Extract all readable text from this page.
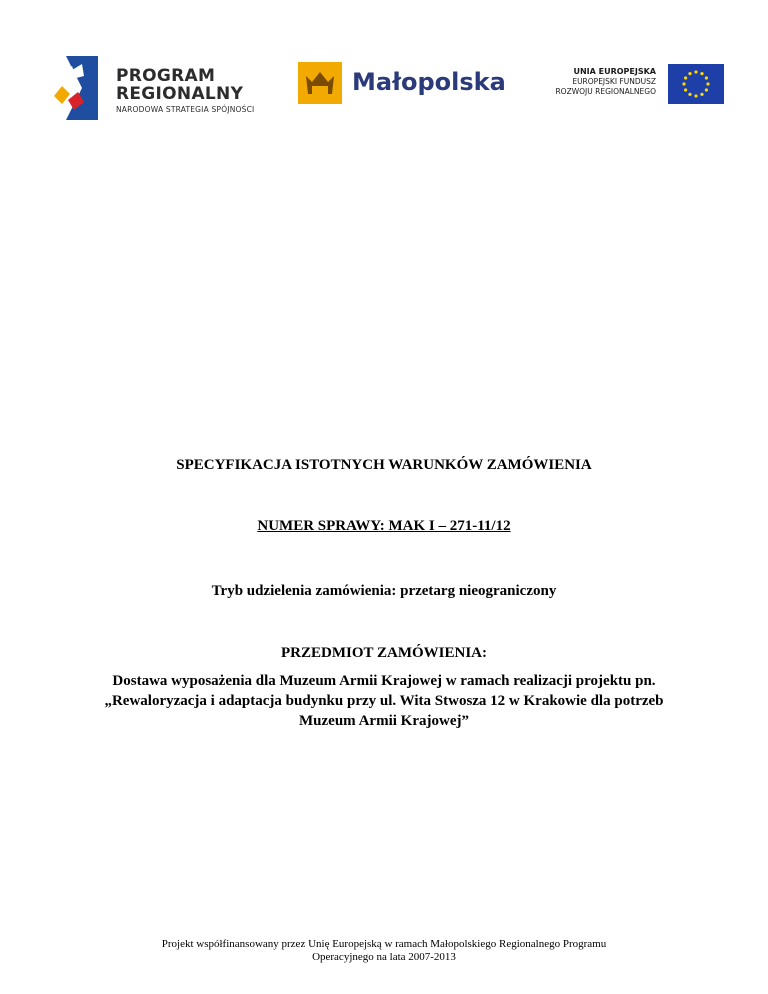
PROGRAM
REGIONALNY
NARODOWA STRATEGIA SPÓJNOŚCI
Małopolska	UNIA EUROPEJSKA
EUROPEJSKI FUNDUSZ
ROZWOJU REGIONALNEGO
SPECYFIKACJA ISTOTNYCH WARUNKÓW ZAMÓWIENIA
NUMER SPRAWY: MAK I – 271-11/12
Tryb udzielenia zamówienia: przetarg nieograniczony
PRZEDMIOT ZAMÓWIENIA:
Dostawa wyposażenia dla Muzeum Armii Krajowej w ramach realizacji projektu pn. „Rewaloryzacja i adaptacja budynku przy ul. Wita Stwosza 12 w Krakowie dla potrzeb Muzeum Armii Krajowej”
Projekt współfinansowany przez Unię Europejską w ramach Małopolskiego Regionalnego Programu
Operacyjnego na lata 2007-2013
